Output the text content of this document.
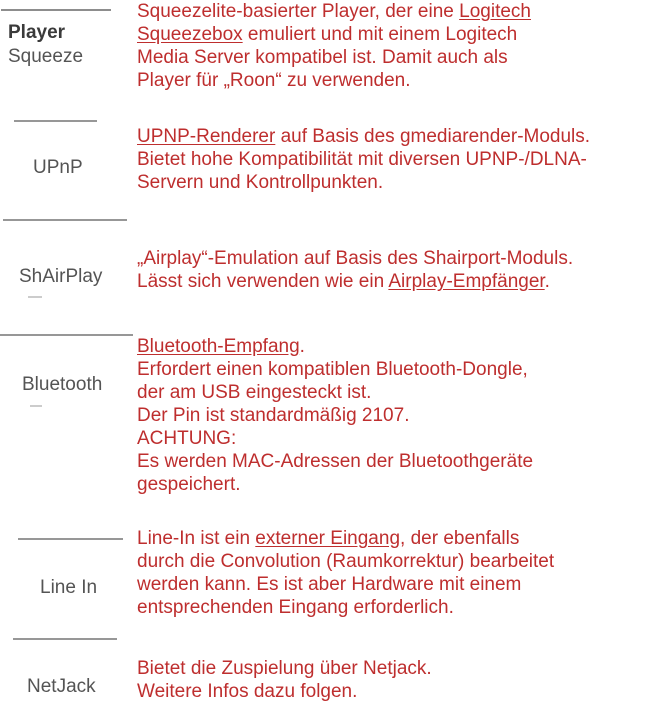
Player
Squeeze
UPnP
ShAirPlay
Bluetooth
Line In
NetJack
Squeezelite-basierter Player, der eine Logitech
Squeezebox emuliert und mit einem Logitech
Media Server kompatibel ist. Damit auch als
Player für „Roon“ zu verwenden.
UPNP-Renderer auf Basis des gmediarender-Moduls.
Bietet hohe Kompatibilität mit diversen UPNP-/DLNA-
Servern und Kontrollpunkten.
„Airplay“-Emulation auf Basis des Shairport-Moduls.
Lässt sich verwenden wie ein Airplay-Empfänger.
Bluetooth-Empfang.
Erfordert einen kompatiblen Bluetooth-Dongle,
der am USB eingesteckt ist.
Der Pin ist standardmäßig 2107.
ACHTUNG:
Es werden MAC-Adressen der Bluetoothgeräte
gespeichert.
Line-In ist ein externer Eingang, der ebenfalls
durch die Convolution (Raumkorrektur) bearbeitet
werden kann. Es ist aber Hardware mit einem
entsprechenden Eingang erforderlich.
Bietet die Zuspielung über Netjack.
Weitere Infos dazu folgen.
